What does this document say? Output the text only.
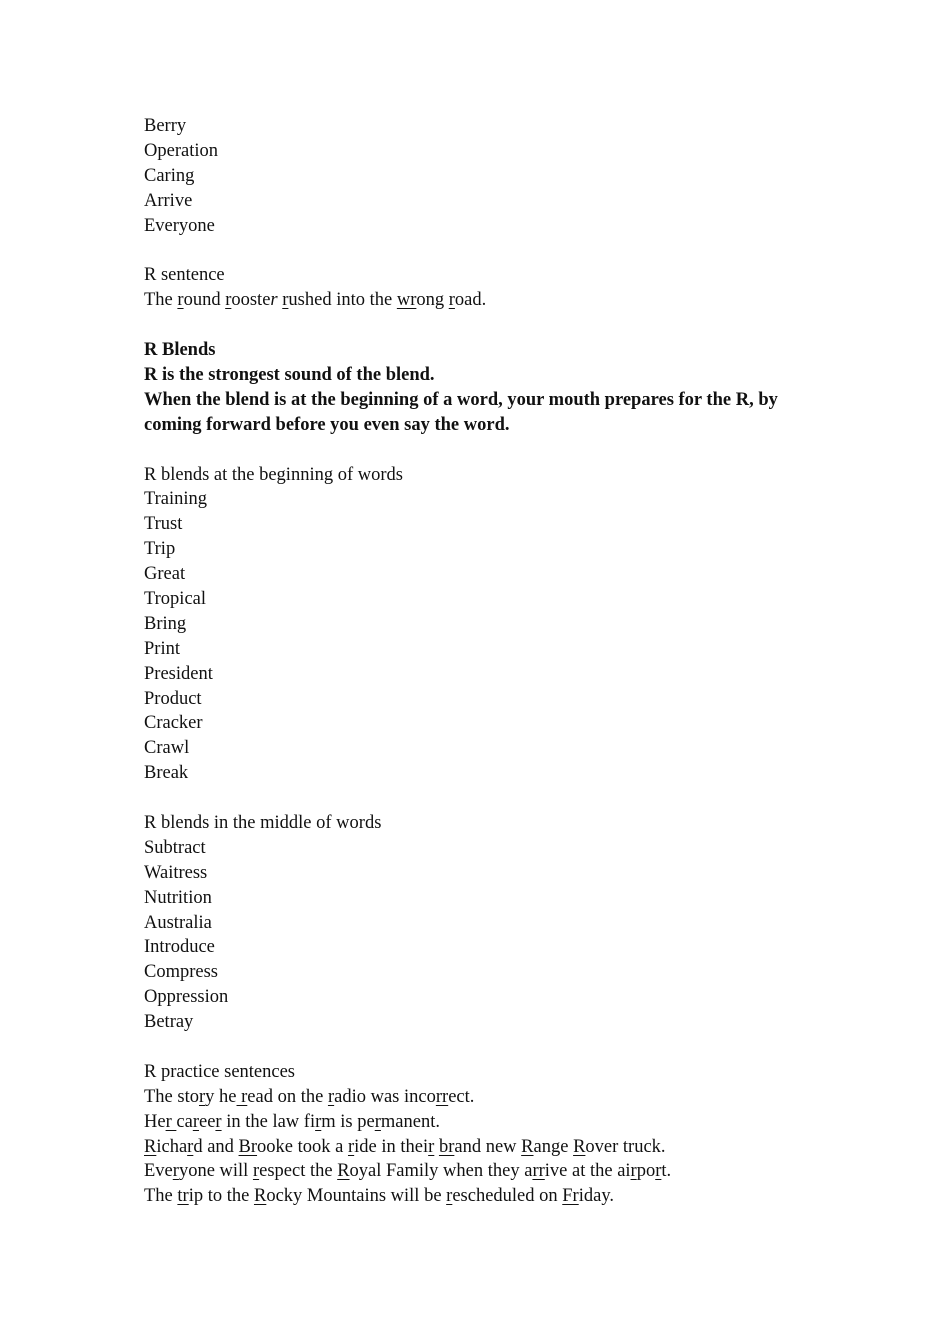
Berry
Operation
Caring
Arrive
Everyone
R sentence
The round rooster rushed into the wrong road.
R Blends
R is the strongest sound of the blend.
When the blend is at the beginning of a word, your mouth prepares for the R, by coming forward before you even say the word.
R blends at the beginning of words
Training
Trust
Trip
Great
Tropical
Bring
Print
President
Product
Cracker
Crawl
Break
R blends in the middle of words
Subtract
Waitress
Nutrition
Australia
Introduce
Compress
Oppression
Betray
R practice sentences
The story he read on the radio was incorrect.
Her career in the law firm is permanent.
Richard and Brooke took a ride in their brand new Range Rover truck.
Everyone will respect the Royal Family when they arrive at the airport.
The trip to the Rocky Mountains will be rescheduled on Friday.
